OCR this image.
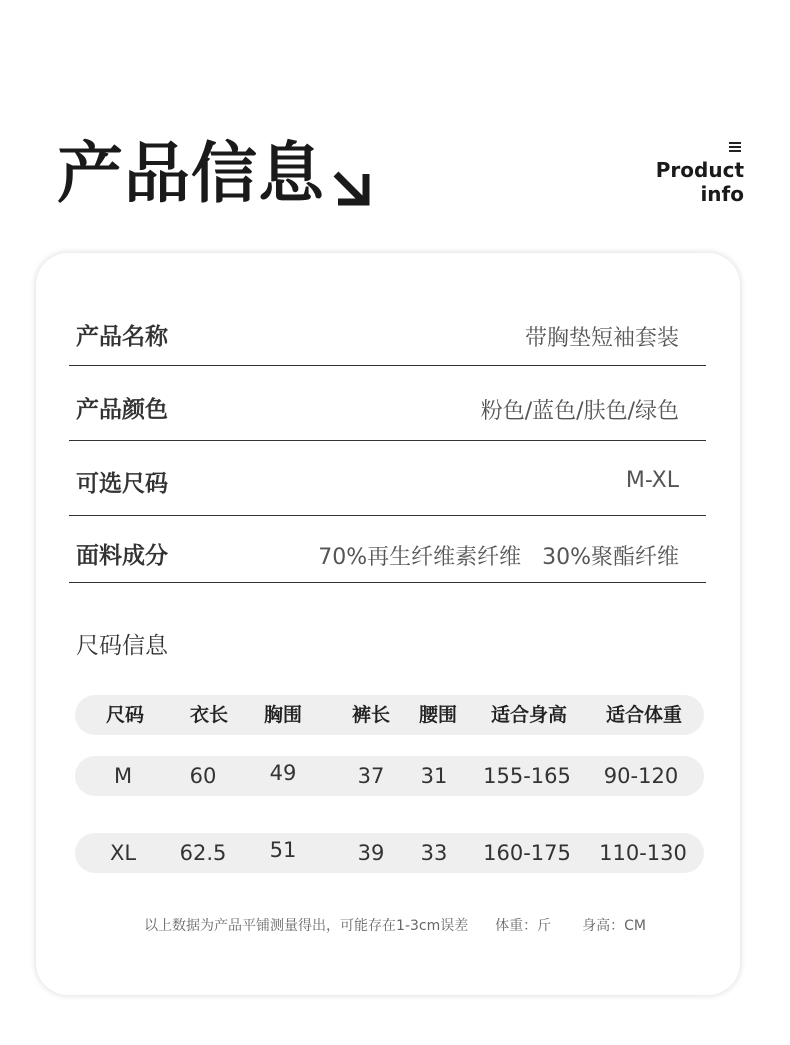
产品信息	Product
info
产品名称	带胸垫短袖套装
产品颜色	粉色/蓝色/肤色/绿色
可选尺码	M-XL
面料成分	70%再生纤维素纤维   30%聚酯纤维
尺码信息
尺码 衣长 胸围	裤长 腰围 适合身高 适合体重
M	60	49	37 31 155-165 90-120
XL 62.5 51	39 33 160-175 110-130
以上数据为产品平铺测量得出，可能存在1-3cm误差 体重：斤 身高：CM
